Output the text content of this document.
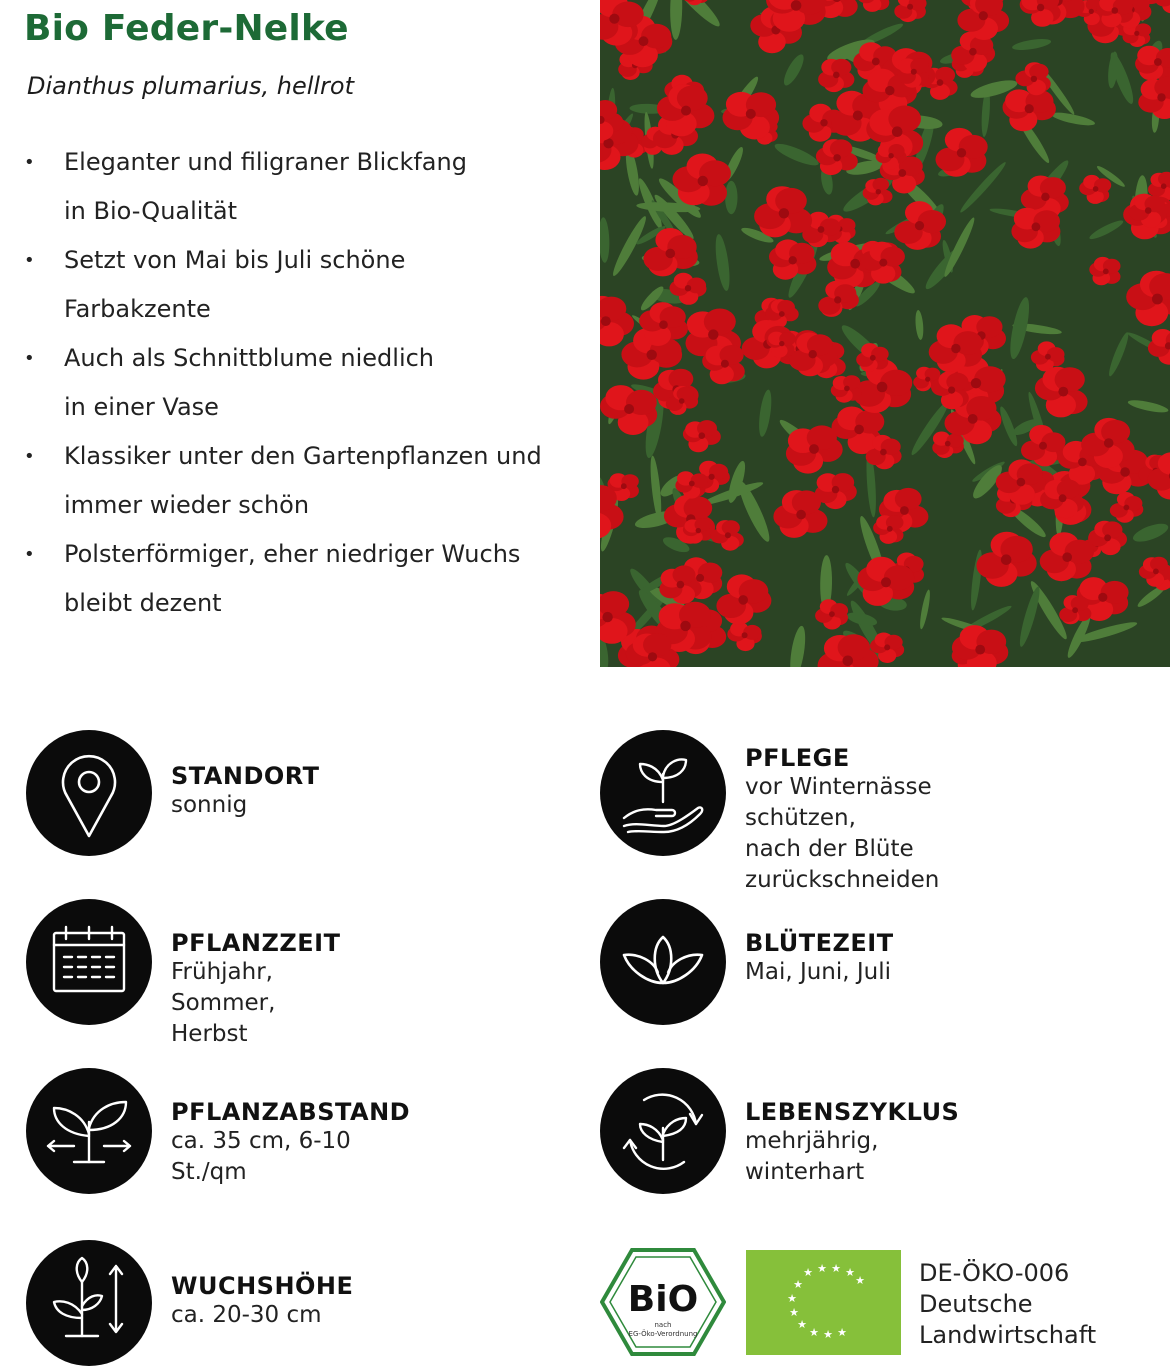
Bio Feder-Nelke

Dianthus plumarius, hellrot

• Eleganter und filigraner Blickfang
in Bio-Qualität
• Setzt von Mai bis Juli schöne
Farbakzente
• Auch als Schnittblume niedlich
in einer Vase
• Klassiker unter den Gartenpflanzen und
immer wieder schön
• Polsterförmiger, eher niedriger Wuchs
bleibt dezent
STANDORT
sonnig
PFLEGE
vor Winternässe schützen,
nach der Blüte zurückschneiden
PFLANZZEIT
Frühjahr, Sommer, Herbst
BLÜTEZEIT
Mai, Juni, Juli
PFLANZABSTAND
ca. 35 cm, 6-10 St./qm
LEBENSZYKLUS
mehrjährig, winterhart
WUCHSHÖHE
ca. 20-30 cm	BiO
nach
EG-Öko-Verordnung
★ ★ ★ ★
★
★
★
★
★
★ ★ ★
DE-ÖKO-006
Deutsche
Landwirtschaft
